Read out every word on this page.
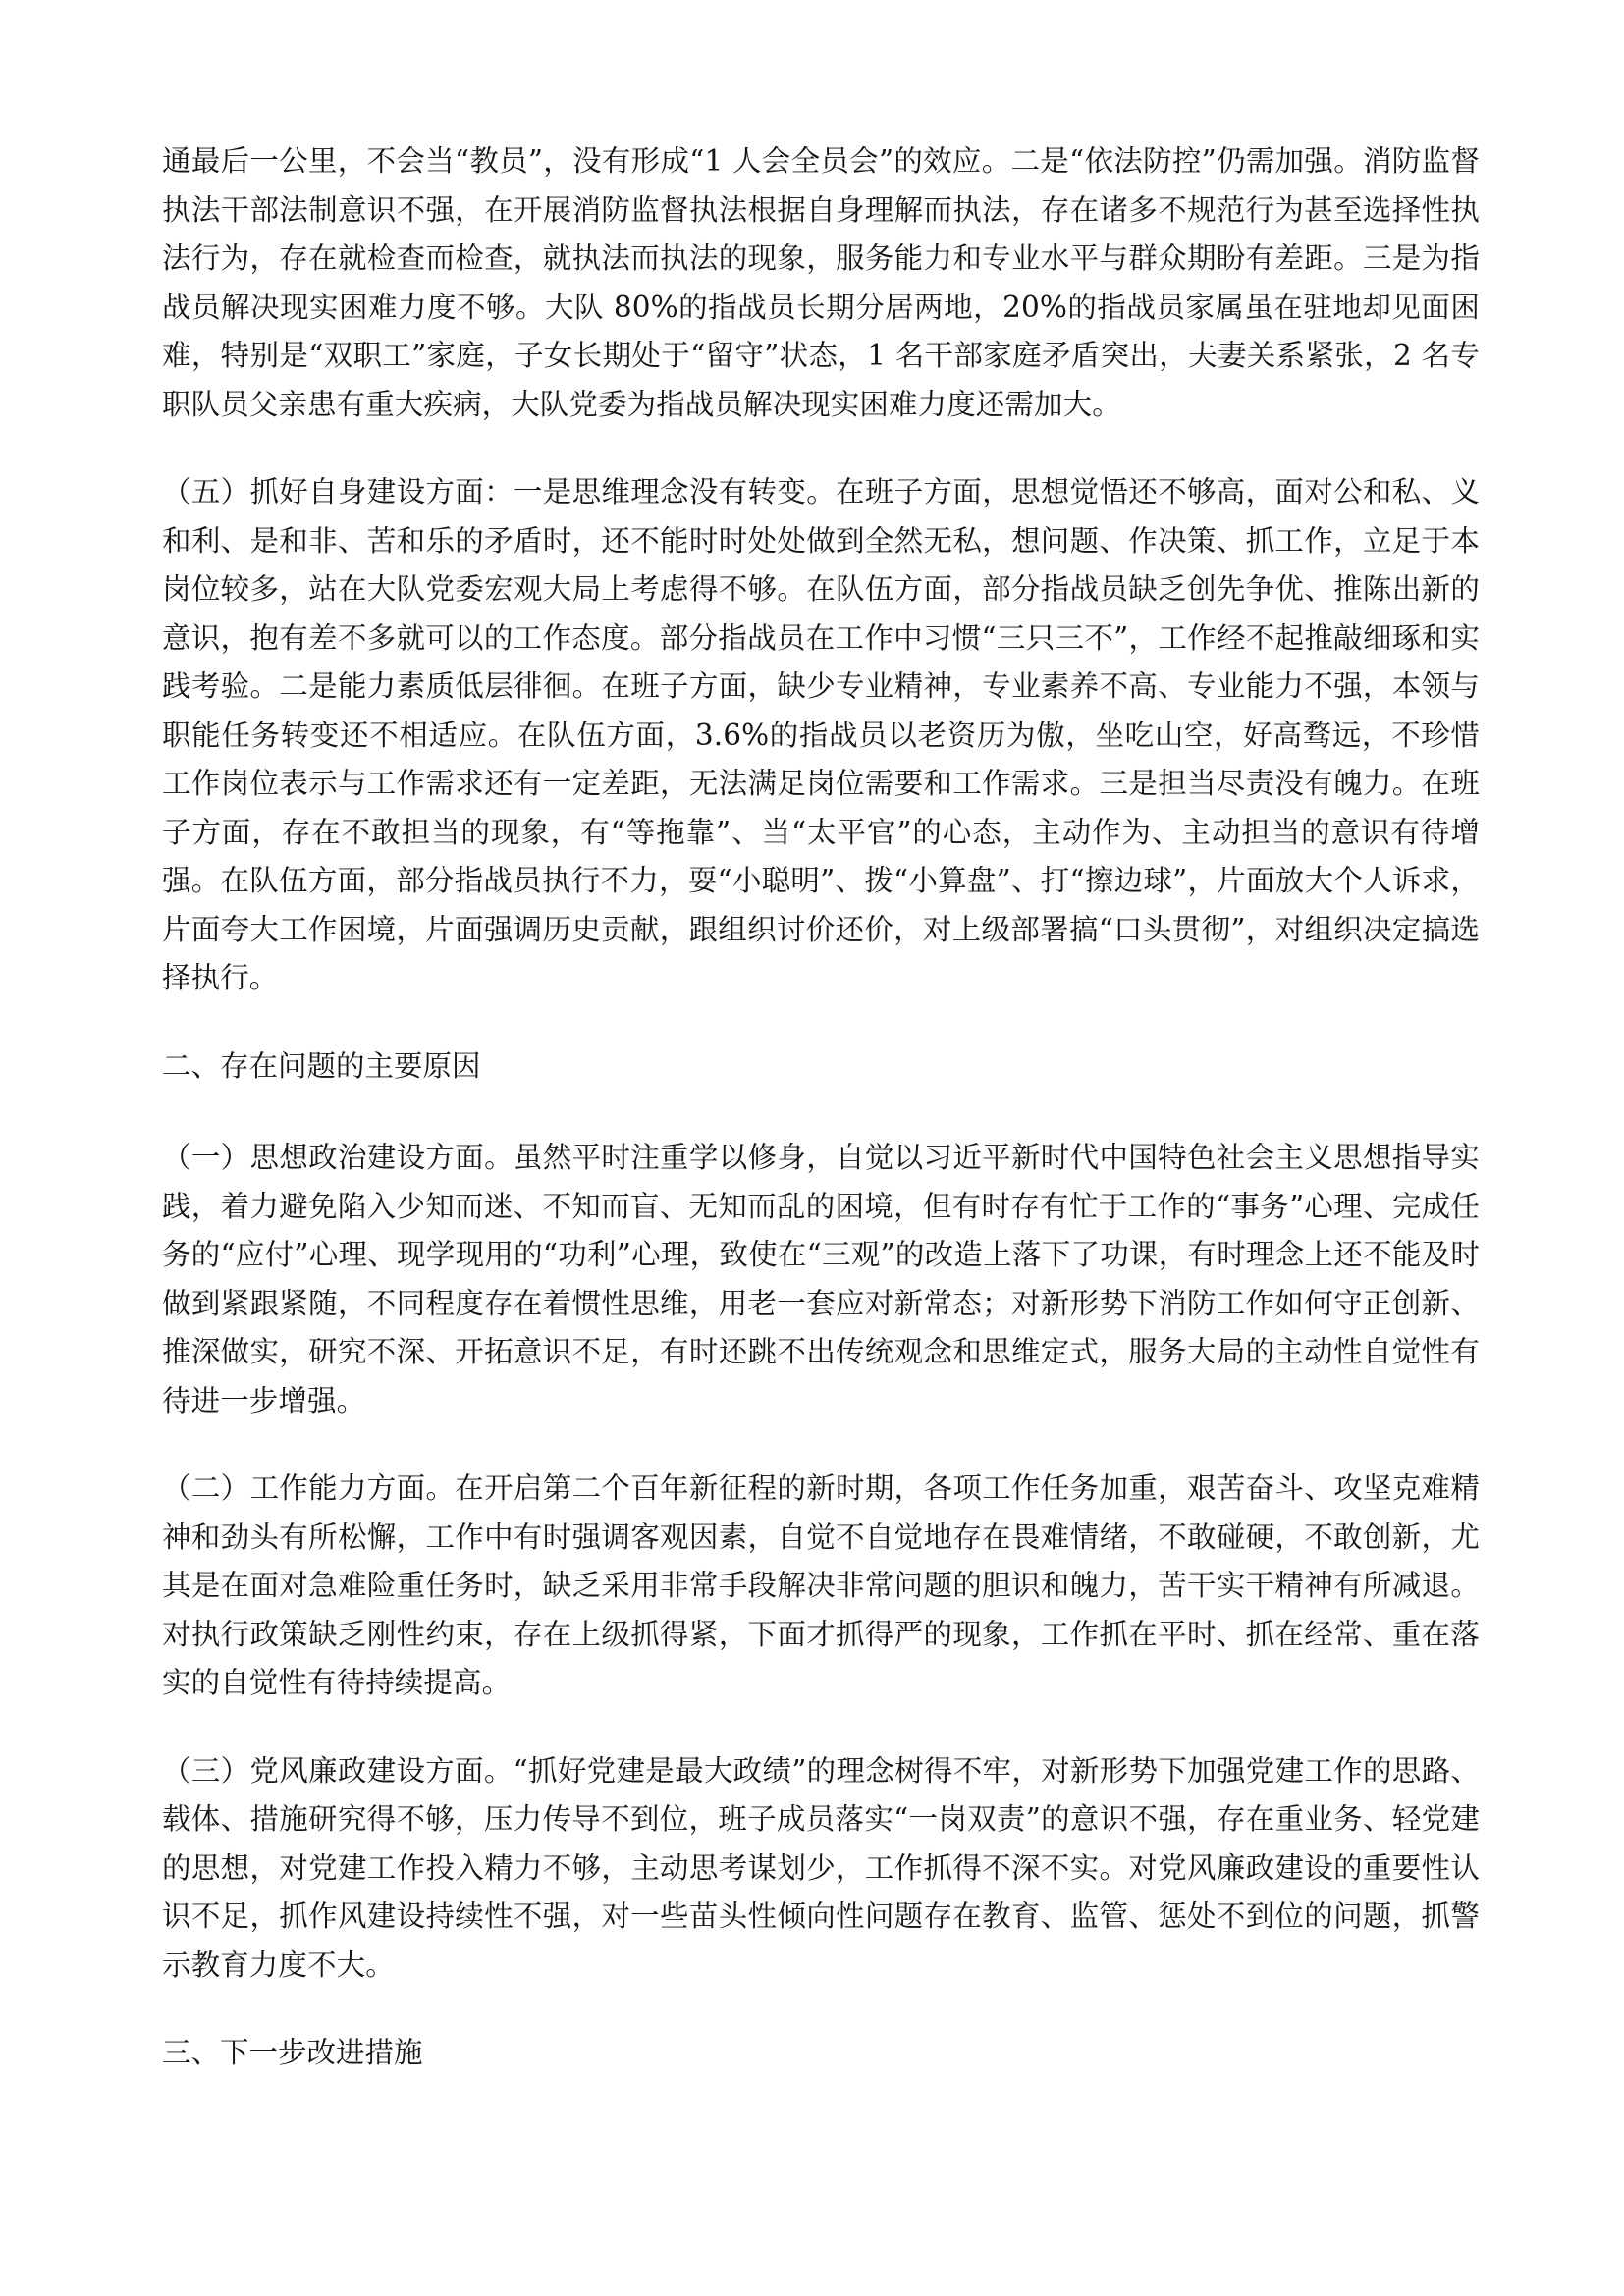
通最后一公里，不会当“教员”，没有形成“1 人会全员会”的效应。二是“依法防控”仍需加强。消防监督执法干部法制意识不强，在开展消防监督执法根据自身理解而执法，存在诸多不规范行为甚至选择性执法行为，存在就检查而检查，就执法而执法的现象，服务能力和专业水平与群众期盼有差距。三是为指战员解决现实困难力度不够。大队 80%的指战员长期分居两地，20%的指战员家属虽在驻地却见面困难，特别是“双职工”家庭，子女长期处于“留守”状态，1 名干部家庭矛盾突出，夫妻关系紧张，2 名专职队员父亲患有重大疾病，大队党委为指战员解决现实困难力度还需加大。

（五）抓好自身建设方面：一是思维理念没有转变。在班子方面，思想觉悟还不够高，面对公和私、义和利、是和非、苦和乐的矛盾时，还不能时时处处做到全然无私，想问题、作决策、抓工作，立足于本岗位较多，站在大队党委宏观大局上考虑得不够。在队伍方面，部分指战员缺乏创先争优、推陈出新的意识，抱有差不多就可以的工作态度。部分指战员在工作中习惯“三只三不”，工作经不起推敲细琢和实践考验。二是能力素质低层徘徊。在班子方面，缺少专业精神，专业素养不高、专业能力不强，本领与职能任务转变还不相适应。在队伍方面，3.6%的指战员以老资历为傲，坐吃山空，好高骛远，不珍惜工作岗位表示与工作需求还有一定差距，无法满足岗位需要和工作需求。三是担当尽责没有魄力。在班子方面，存在不敢担当的现象，有“等拖靠”、当“太平官”的心态，主动作为、主动担当的意识有待增强。在队伍方面，部分指战员执行不力，耍“小聪明”、拨“小算盘”、打“擦边球”，片面放大个人诉求，片面夸大工作困境，片面强调历史贡献，跟组织讨价还价，对上级部署搞“口头贯彻”，对组织决定搞选择执行。

二、存在问题的主要原因

（一）思想政治建设方面。虽然平时注重学以修身，自觉以习近平新时代中国特色社会主义思想指导实践，着力避免陷入少知而迷、不知而盲、无知而乱的困境，但有时存有忙于工作的“事务”心理、完成任务的“应付”心理、现学现用的“功利”心理，致使在“三观”的改造上落下了功课，有时理念上还不能及时做到紧跟紧随，不同程度存在着惯性思维，用老一套应对新常态；对新形势下消防工作如何守正创新、推深做实，研究不深、开拓意识不足，有时还跳不出传统观念和思维定式，服务大局的主动性自觉性有待进一步增强。

（二）工作能力方面。在开启第二个百年新征程的新时期，各项工作任务加重，艰苦奋斗、攻坚克难精神和劲头有所松懈，工作中有时强调客观因素，自觉不自觉地存在畏难情绪，不敢碰硬，不敢创新，尤其是在面对急难险重任务时，缺乏采用非常手段解决非常问题的胆识和魄力，苦干实干精神有所减退。对执行政策缺乏刚性约束，存在上级抓得紧，下面才抓得严的现象，工作抓在平时、抓在经常、重在落实的自觉性有待持续提高。

（三）党风廉政建设方面。“抓好党建是最大政绩”的理念树得不牢，对新形势下加强党建工作的思路、载体、措施研究得不够，压力传导不到位，班子成员落实“一岗双责”的意识不强，存在重业务、轻党建的思想，对党建工作投入精力不够，主动思考谋划少，工作抓得不深不实。对党风廉政建设的重要性认识不足，抓作风建设持续性不强，对一些苗头性倾向性问题存在教育、监管、惩处不到位的问题，抓警示教育力度不大。

三、下一步改进措施
